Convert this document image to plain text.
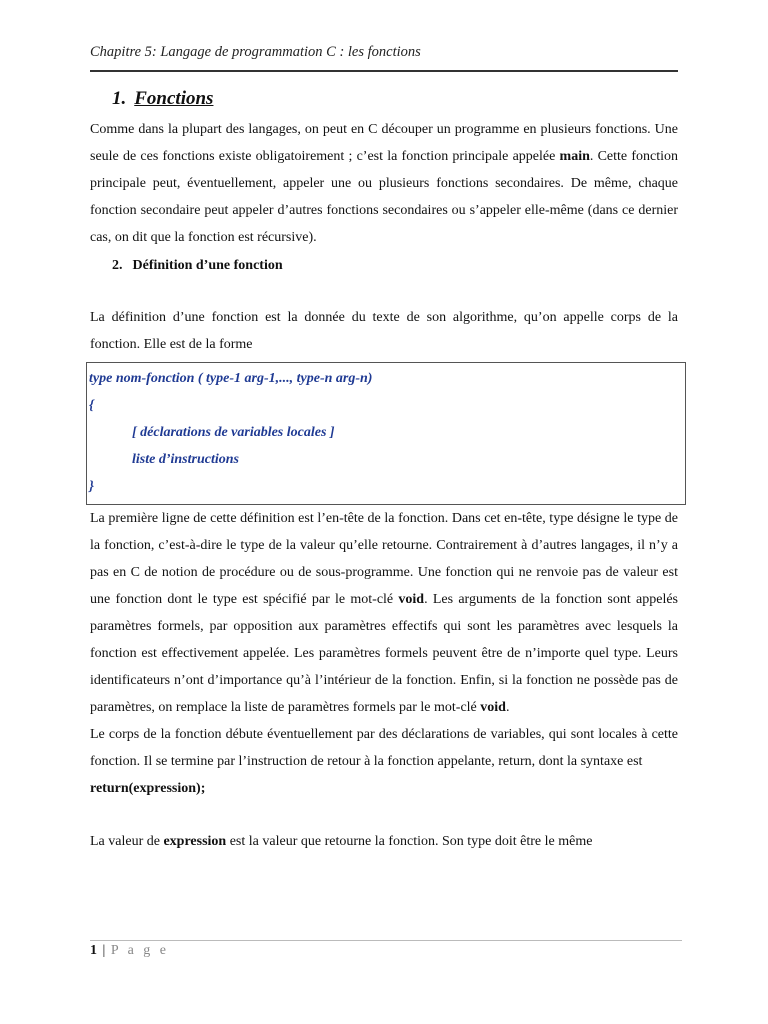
Chapitre 5: Langage de programmation C : les fonctions
1. Fonctions

Comme dans la plupart des langages, on peut en C découper un programme en plusieurs fonctions. Une seule de ces fonctions existe obligatoirement ; c’est la fonction principale appelée main. Cette fonction principale peut, éventuellement, appeler une ou plusieurs fonctions secondaires. De même, chaque fonction secondaire peut appeler d’autres fonctions secondaires ou s’appeler elle-même (dans ce dernier cas, on dit que la fonction est récursive).

2. Définition d’une fonction

La définition d’une fonction est la donnée du texte de son algorithme, qu’on appelle corps de la fonction. Elle est de la forme

type nom-fonction ( type-1 arg-1,..., type-n arg-n)
{
[ déclarations de variables locales ]
liste d’instructions
}

La première ligne de cette définition est l’en-tête de la fonction. Dans cet en-tête, type désigne le type de la fonction, c’est-à-dire le type de la valeur qu’elle retourne. Contrairement à d’autres langages, il n’y a pas en C de notion de procédure ou de sous-programme. Une fonction qui ne renvoie pas de valeur est une fonction dont le type est spécifié par le mot-clé void. Les arguments de la fonction sont appelés paramètres formels, par opposition aux paramètres effectifs qui sont les paramètres avec lesquels la fonction est effectivement appelée. Les paramètres formels peuvent être de n’importe quel type. Leurs identificateurs n’ont d’importance qu’à l’intérieur de la fonction. Enfin, si la fonction ne possède pas de paramètres, on remplace la liste de paramètres formels par le mot-clé void.

Le corps de la fonction débute éventuellement par des déclarations de variables, qui sont locales à cette fonction. Il se termine par l’instruction de retour à la fonction appelante, return, dont la syntaxe est

return(expression);

La valeur de expression est la valeur que retourne la fonction. Son type doit être le même

1 | P a g e
